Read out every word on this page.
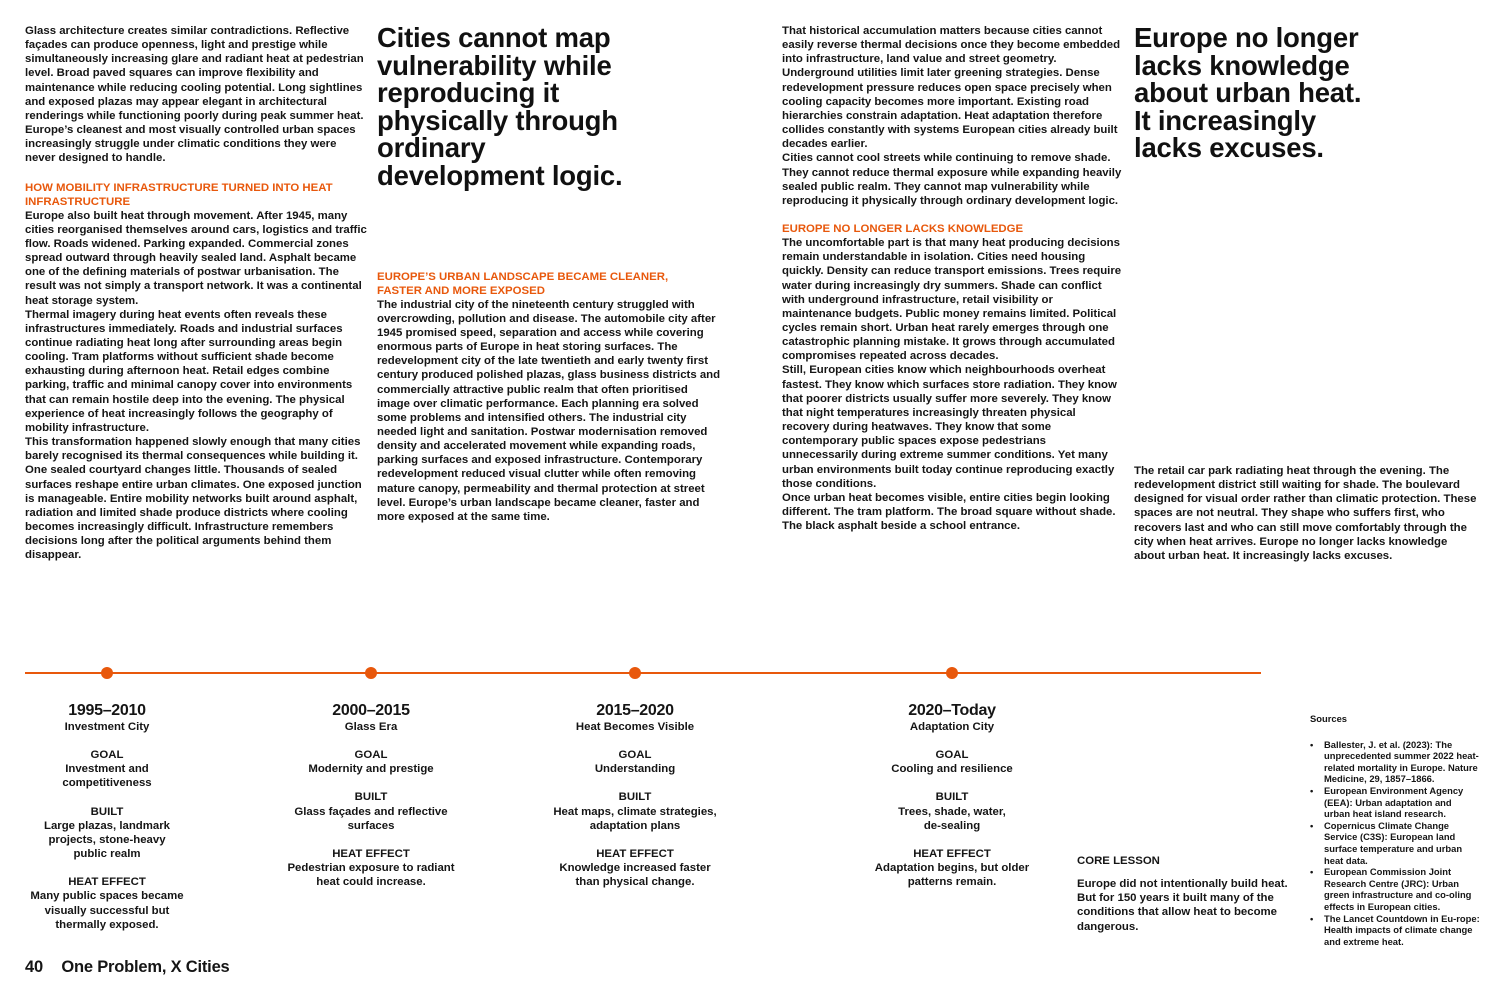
Glass architecture creates similar contradictions. Reflective façades can produce openness, light and prestige while simultaneously increasing glare and radiant heat at pedestrian level. Broad paved squares can improve flexibility and maintenance while reducing cooling potential. Long sightlines and exposed plazas may appear elegant in architectural renderings while functioning poorly during peak summer heat. Europe’s cleanest and most visually controlled urban spaces increasingly struggle under climatic conditions they were never designed to handle.

HOW MOBILITY INFRASTRUCTURE TURNED INTO HEAT INFRASTRUCTURE

Europe also built heat through movement. After 1945, many cities reorganised themselves around cars, logistics and traffic flow. Roads widened. Parking expanded. Commercial zones spread outward through heavily sealed land. Asphalt became one of the defining materials of postwar urbanisation. The result was not simply a transport network. It was a continental heat storage system.

Thermal imagery during heat events often reveals these infrastructures immediately. Roads and industrial surfaces continue radiating heat long after surrounding areas begin cooling. Tram platforms without sufficient shade become exhausting during afternoon heat. Retail edges combine parking, traffic and minimal canopy cover into environments that can remain hostile deep into the evening. The physical experience of heat increasingly follows the geography of mobility infrastructure.

This transformation happened slowly enough that many cities barely recognised its thermal consequences while building it. One sealed courtyard changes little. Thousands of sealed surfaces reshape entire urban climates. One exposed junction is manageable. Entire mobility networks built around asphalt, radiation and limited shade produce districts where cooling becomes increasingly difficult. Infrastructure remembers decisions long after the political arguments behind them disappear.

Cities cannot map vulnerability while reproducing it physically through ordinary development logic.

EUROPE’S URBAN LANDSCAPE BECAME CLEANER, FASTER AND MORE EXPOSED

The industrial city of the nineteenth century struggled with overcrowding, pollution and disease. The automobile city after 1945 promised speed, separation and access while covering enormous parts of Europe in heat storing surfaces. The redevelopment city of the late twentieth and early twenty first century produced polished plazas, glass business districts and commercially attractive public realm that often prioritised image over climatic performance. Each planning era solved some problems and intensified others. The industrial city needed light and sanitation. Postwar modernisation removed density and accelerated movement while expanding roads, parking surfaces and exposed infrastructure. Contemporary redevelopment reduced visual clutter while often removing mature canopy, permeability and thermal protection at street level. Europe’s urban landscape became cleaner, faster and more exposed at the same time.

That historical accumulation matters because cities cannot easily reverse thermal decisions once they become embedded into infrastructure, land value and street geometry. Underground utilities limit later greening strategies. Dense redevelopment pressure reduces open space precisely when cooling capacity becomes more important. Existing road hierarchies constrain adaptation. Heat adaptation therefore collides constantly with systems European cities already built decades earlier.

Cities cannot cool streets while continuing to remove shade. They cannot reduce thermal exposure while expanding heavily sealed public realm. They cannot map vulnerability while reproducing it physically through ordinary development logic.

EUROPE NO LONGER LACKS KNOWLEDGE

The uncomfortable part is that many heat producing decisions remain understandable in isolation. Cities need housing quickly. Density can reduce transport emissions. Trees require water during increasingly dry summers. Shade can conflict with underground infrastructure, retail visibility or maintenance budgets. Public money remains limited. Political cycles remain short. Urban heat rarely emerges through one catastrophic planning mistake. It grows through accumulated compromises repeated across decades.

Still, European cities know which neighbourhoods overheat fastest. They know which surfaces store radiation. They know that poorer districts usually suffer more severely. They know that night temperatures increasingly threaten physical recovery during heatwaves. They know that some contemporary public spaces expose pedestrians unnecessarily during extreme summer conditions. Yet many urban environments built today continue reproducing exactly those conditions.

Once urban heat becomes visible, entire cities begin looking different. The tram platform. The broad square without shade. The black asphalt beside a school entrance.

Europe no longer lacks knowledge about urban heat. It increasingly lacks excuses.

The retail car park radiating heat through the evening. The redevelopment district still waiting for shade. The boulevard designed for visual order rather than climatic protection. These spaces are not neutral. They shape who suffers first, who recovers last and who can still move comfortably through the city when heat arrives. Europe no longer lacks knowledge about urban heat. It increasingly lacks excuses.

1995–2010
Investment City
GOAL
Investment and competitiveness
BUILT
Large plazas, landmark projects, stone-heavy public realm
HEAT EFFECT
Many public spaces became visually successful but thermally exposed.
2000–2015
Glass Era
GOAL
Modernity and prestige
BUILT
Glass façades and reflective surfaces
HEAT EFFECT
Pedestrian exposure to radiant heat could increase.
2015–2020
Heat Becomes Visible
GOAL
Understanding
BUILT
Heat maps, climate strategies, adaptation plans
HEAT EFFECT
Knowledge increased faster than physical change.
2020–Today
Adaptation City
GOAL
Cooling and resilience
BUILT
Trees, shade, water, de-sealing
HEAT EFFECT
Adaptation begins, but older patterns remain.
CORE LESSON
Europe did not intentionally build heat. But for 150 years it built many of the conditions that allow heat to become dangerous.
Sources
• Ballester, J. et al. (2023): The unprecedented summer 2022 heat-related mortality in Europe. Nature Medicine, 29, 1857–1866.
• European Environment Agency (EEA): Urban adaptation and urban heat island research.
• Copernicus Climate Change Service (C3S): European land surface temperature and urban heat data.
• European Commission Joint Research Centre (JRC): Urban green infrastructure and co-oling effects in European cities.
• The Lancet Countdown in Eu-rope: Health impacts of climate change and extreme heat.
40 One Problem, X Cities
